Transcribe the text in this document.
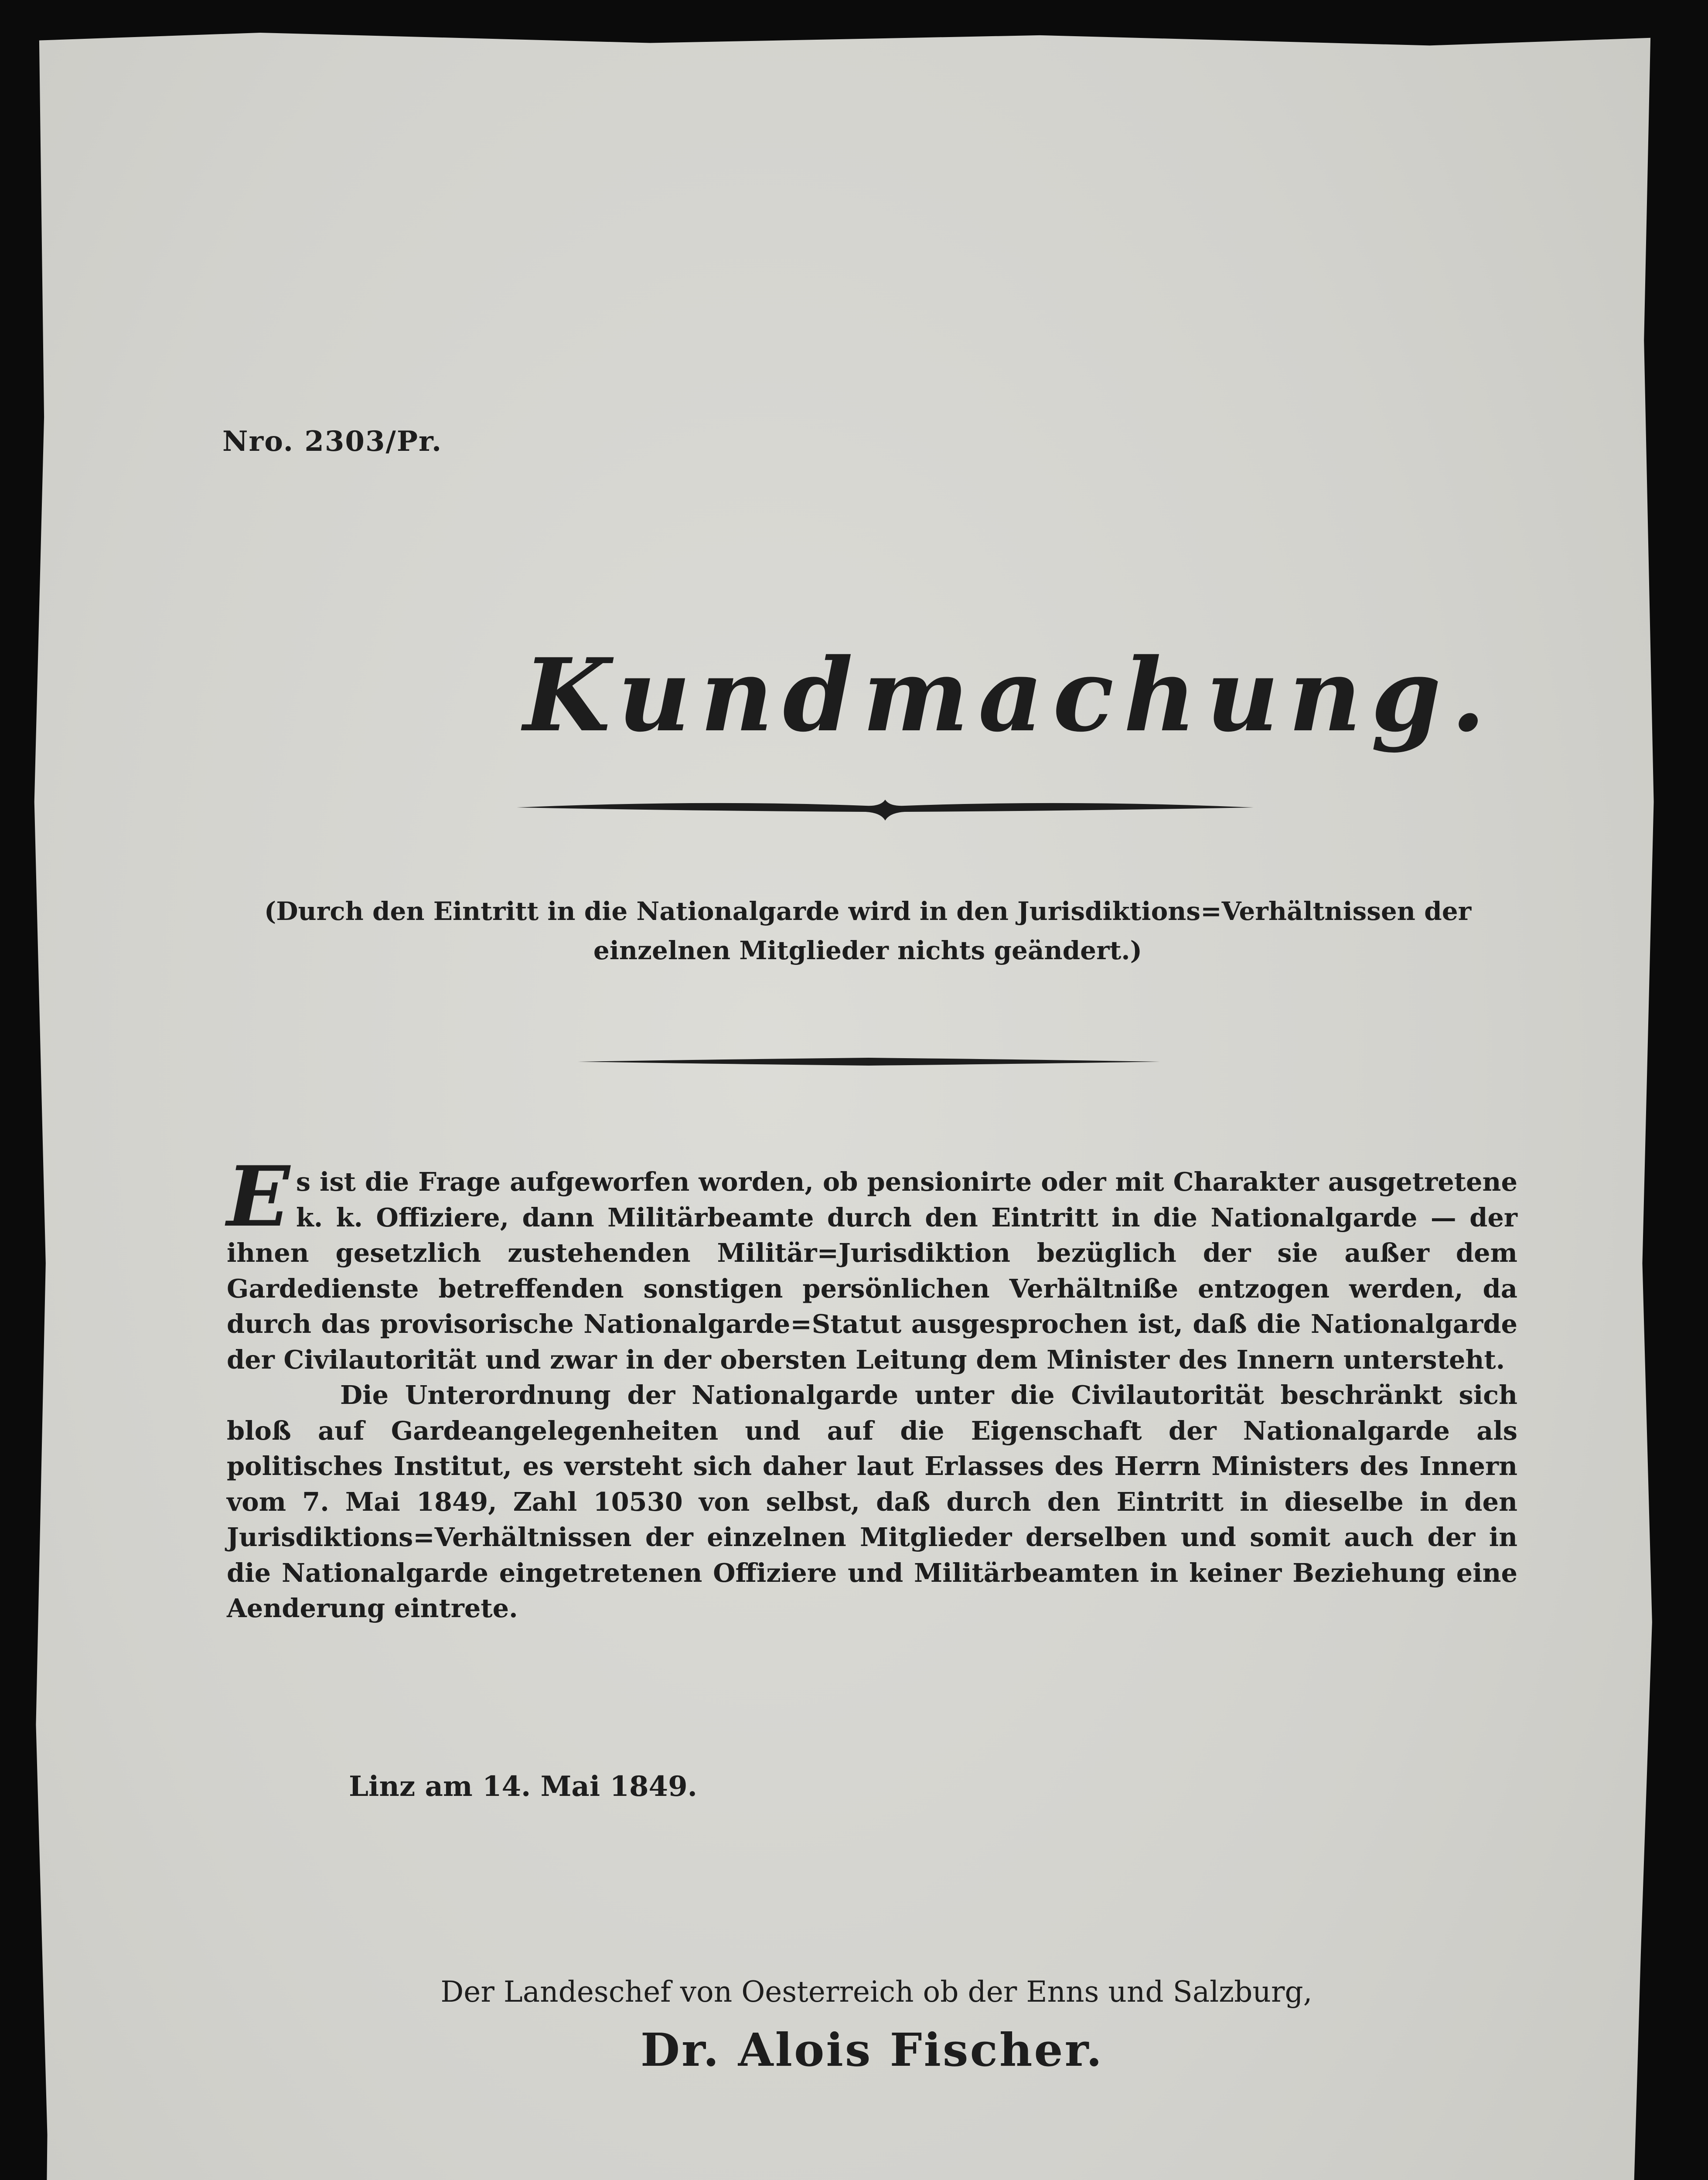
Nro. 2303/Pr.
Kundmachung.
(Durch den Eintritt in die Nationalgarde wird in den Jurisdiktions=Verhältnissen der einzelnen Mitglieder nichts geändert.)

E s ist die Frage aufgeworfen worden, ob pensionirte oder mit Charakter ausgetretene k. k. Offiziere, dann Militärbeamte durch den Eintritt in die Nationalgarde — der ihnen gesetzlich zustehenden Militär=Jurisdiktion bezüglich der sie außer dem Gardedienste betreffenden sonstigen persönlichen Verhältniße entzogen werden, da durch das provisorische Nationalgarde=Statut ausgesprochen ist, daß die Nationalgarde der Civilautorität und zwar in der obersten Leitung dem Minister des Innern untersteht.

Die Unterordnung der Nationalgarde unter die Civilautorität beschränkt sich bloß auf Gardeangelegenheiten und auf die Eigenschaft der Nationalgarde als politisches Institut, es versteht sich daher laut Erlasses des Herrn Ministers des Innern vom 7. Mai 1849, Zahl 10530 von selbst, daß durch den Eintritt in dieselbe in den Jurisdiktions=Verhältnissen der einzelnen Mitglieder derselben und somit auch der in die Nationalgarde eingetretenen Offiziere und Militärbeamten in keiner Beziehung eine Aenderung eintrete.

Linz am 14. Mai 1849.
Der Landeschef von Oesterreich ob der Enns und Salzburg,
Dr. Alois Fischer.
